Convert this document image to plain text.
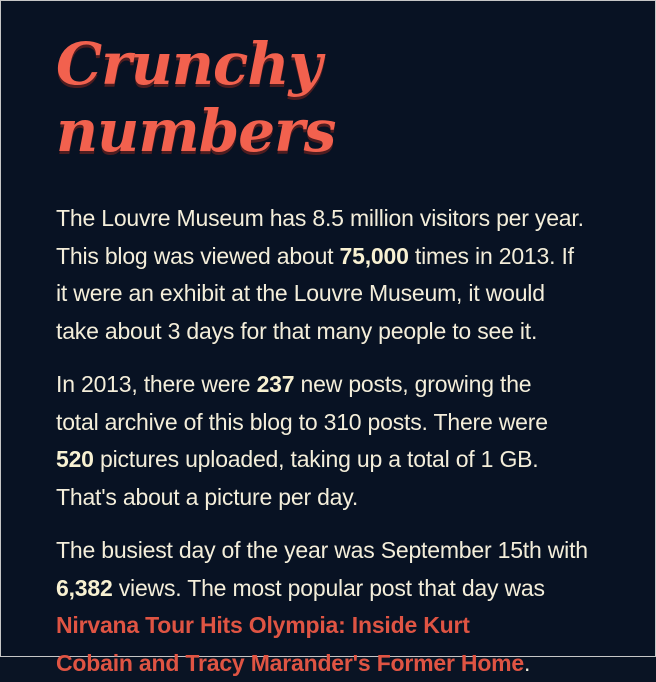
Crunchy numbers

The Louvre Museum has 8.5 million visitors per year.
This blog was viewed about 75,000 times in 2013. If
it were an exhibit at the Louvre Museum, it would
take about 3 days for that many people to see it.

In 2013, there were 237 new posts, growing the
total archive of this blog to 310 posts. There were
520 pictures uploaded, taking up a total of 1 GB.
That's about a picture per day.

The busiest day of the year was September 15th with
6,382 views. The most popular post that day was
Nirvana Tour Hits Olympia: Inside Kurt
Cobain and Tracy Marander's Former Home.
